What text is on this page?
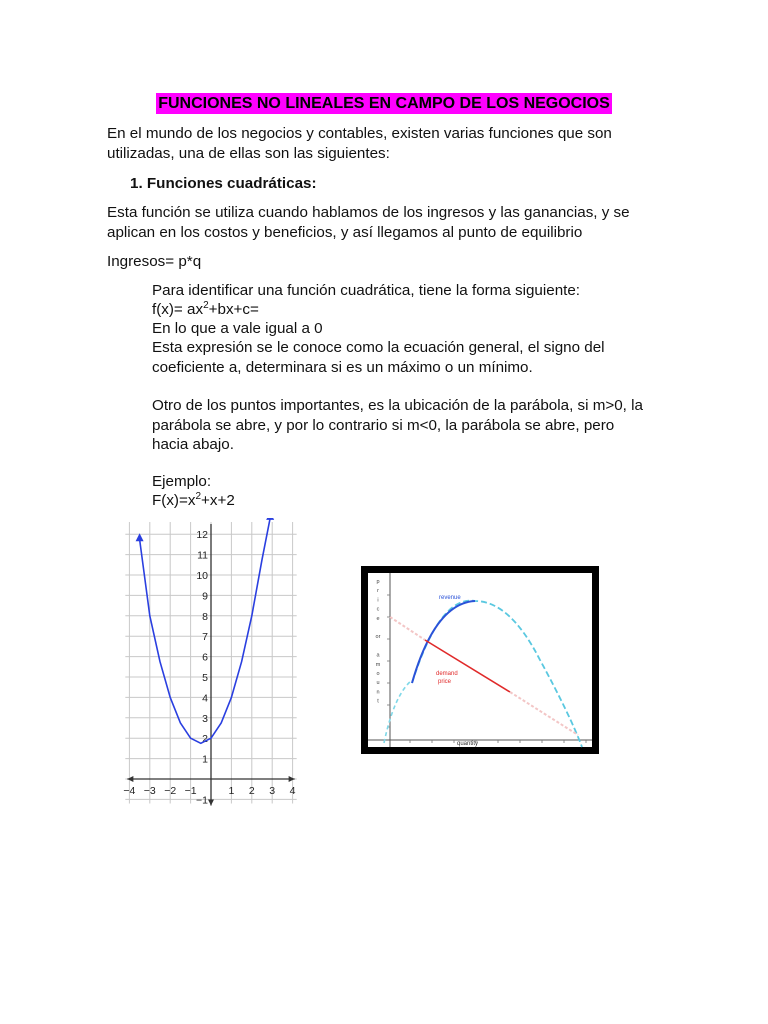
FUNCIONES NO LINEALES EN CAMPO DE LOS NEGOCIOS

En el mundo de los negocios y contables, existen varias funciones que son utilizadas, una de ellas son las siguientes:

1. Funciones cuadráticas:

Esta función se utiliza cuando hablamos de los ingresos y las ganancias, y se aplican en los costos y beneficios, y así llegamos al punto de equilibrio

Ingresos= p*q

Para identificar una función cuadrática, tiene la forma siguiente:

$f(x)= ax^2+bx+c=$

En lo que a vale igual a 0

Esta expresión se le conoce como la ecuación general, el signo del coeficiente a, determinara si es un máximo o un mínimo.

Otro de los puntos importantes, es la ubicación de la parábola, si m>0, la parábola se abre, y por lo contrario si m<0, la parábola se abre, pero hacia abajo.

Ejemplo:

$F(x)=x^2+x+2$

−4 −3 −2 −1	1 2 3 4
−1
1
2
3
4
5
6
7
8
9
10
11
12
revenue
demand
price
quantity
p
r
i
c
e
or
a
m
o
u
n
t
